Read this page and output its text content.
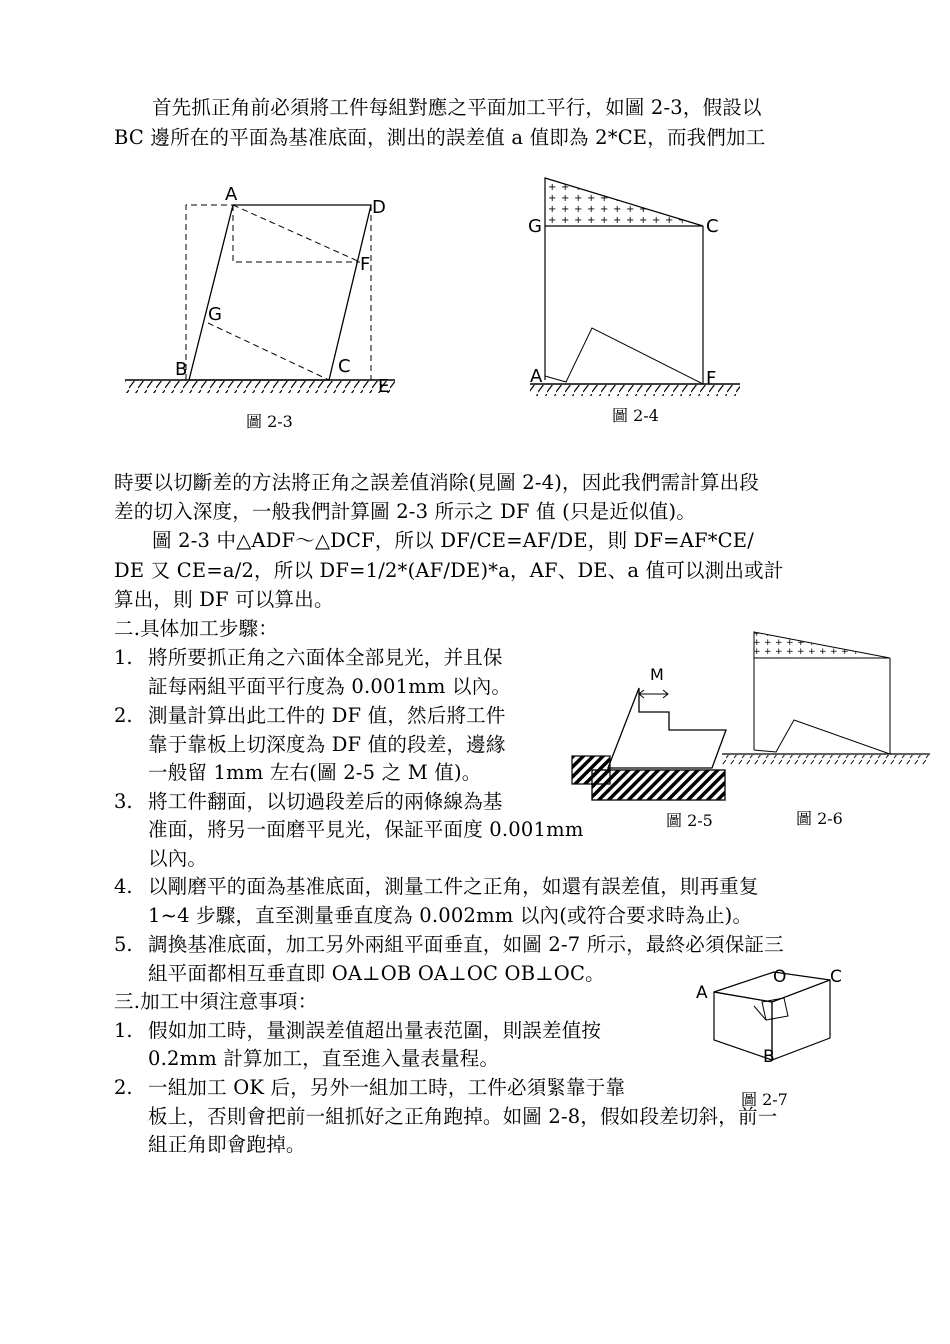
首先抓正角前必須將工件每組對應之平面加工平行，如圖 2-3，假設以
BC 邊所在的平面為基准底面，測出的誤差值 a 值即為 2*CE，而我們加工
A
D
F
G
B	C
E
圖 2-3
G	C
A	F
圖 2-4
時要以切斷差的方法將正角之誤差值消除(見圖 2-4)，因此我們需計算出段
差的切入深度，一般我們計算圖 2-3 所示之 DF 值 (只是近似值)。
圖 2-3 中△ADF～△DCF，所以 DF/CE=AF/DE，則 DF=AF*CE/
DE 又 CE=a/2，所以 DF=1/2*(AF/DE)*a，AF、DE、a 值可以測出或計
算出，則 DF 可以算出。
二.具体加工步驟：
1. 將所要抓正角之六面体全部見光，并且保
証每兩組平面平行度為 0.001mm 以內。
2. 測量計算出此工件的 DF 值，然后將工件
靠于靠板上切深度為 DF 值的段差，邊緣
一般留 1mm 左右(圖 2-5 之 M 值)。
3. 將工件翻面，以切過段差后的兩條線為基
准面，將另一面磨平見光，保証平面度 0.001mm
以內。
M
圖 2-5	圖 2-6
4. 以剛磨平的面為基准底面，測量工件之正角，如還有誤差值，則再重复
1~4 步驟，直至測量垂直度為 0.002mm 以內(或符合要求時為止)。
5. 調換基准底面，加工另外兩組平面垂直，如圖 2-7 所示，最終必須保証三
組平面都相互垂直即 OA⊥OB OA⊥OC OB⊥OC。	O	C
A
B
圖 2-7
三.加工中須注意事項：
1. 假如加工時，量測誤差值超出量表范圍，則誤差值按
0.2mm 計算加工，直至進入量表量程。
2. 一組加工 OK 后，另外一組加工時，工件必須緊靠于靠
板上，否則會把前一組抓好之正角跑掉。如圖 2-8，假如段差切斜，前一
組正角即會跑掉。
